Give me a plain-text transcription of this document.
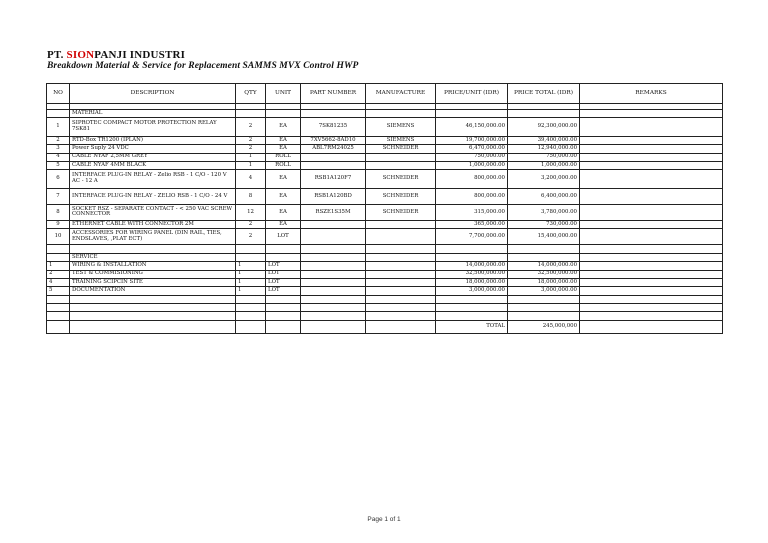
PT. SIONPANJI INDUSTRI
Breakdown Material & Service for Replacement SAMMS MVX Control HWP
NO	DESCRIPTION	QTY	UNIT	PART NUMBER	MANUFACTURE	PRICE/UNIT (IDR)	PRICE TOTAL (IDR)	REMARKS

	MATERIAL							
1	SIPROTEC COMPACT MOTOR PROTECTION RELAY 7SK81	2	EA	7SK81235	SIEMENS	46,150,000.00	92,300,000.00	
2	RTD-Box TR1200 (IPLAN)	2	EA	7XV5662-8AD10	SIEMENS	19,700,000.00	39,400,000.00	
3	Power Suply 24 VDC	2	EA	ABL7RM24025	SCHNEIDER	6,470,000.00	12,940,000.00	
4	CABLE NYAF 2,5MM GREY	1	ROLL			750,000.00	750,000.00	
5	CABLE NYAF 4MM BLACK	1	ROLL			1,000,000.00	1,000,000.00	
6	INTERFACE PLUG-IN RELAY - Zelio RSB - 1 C/O - 120 V AC - 12 A	4	EA	RSB1A120F7	SCHNEIDER	800,000.00	3,200,000.00	
7	INTERFACE PLUG-IN RELAY - ZELIO RSB - 1 C/O - 24 V	8	EA	RSB1A120BD	SCHNEIDER	800,000.00	6,400,000.00	
8	SOCKET RSZ - SEPARATE CONTACT - < 250 VAC SCREW CONNECTOR	12	EA	RSZE1S35M	SCHNEIDER	315,000.00	3,780,000.00	
9	ETHERNET CABLE WITH CONNECTOR 2M	2	EA			365,000.00	730,000.00	
10	ACCESSORIES FOR WIRING PANEL (DIN RAIL, TIES, ENDSLAVES, ,PLAT ECT)	2	LOT			7,700,000.00	15,400,000.00	

	SERVICE							
1	WIRING & INSTALLATION	1	LOT			14,000,000.00	14,000,000.00	
2	TEST & COMMISIONING	1	LOT			32,500,000.00	32,500,000.00	
4	TRAINING SCIPCIN SITE	1	LOT			18,000,000.00	18,000,000.00	
5	DOCUMENTATION	1	LOT			3,000,000.00	3,000,000.00	

						TOTAL	245,000,000	
Page 1 of 1
